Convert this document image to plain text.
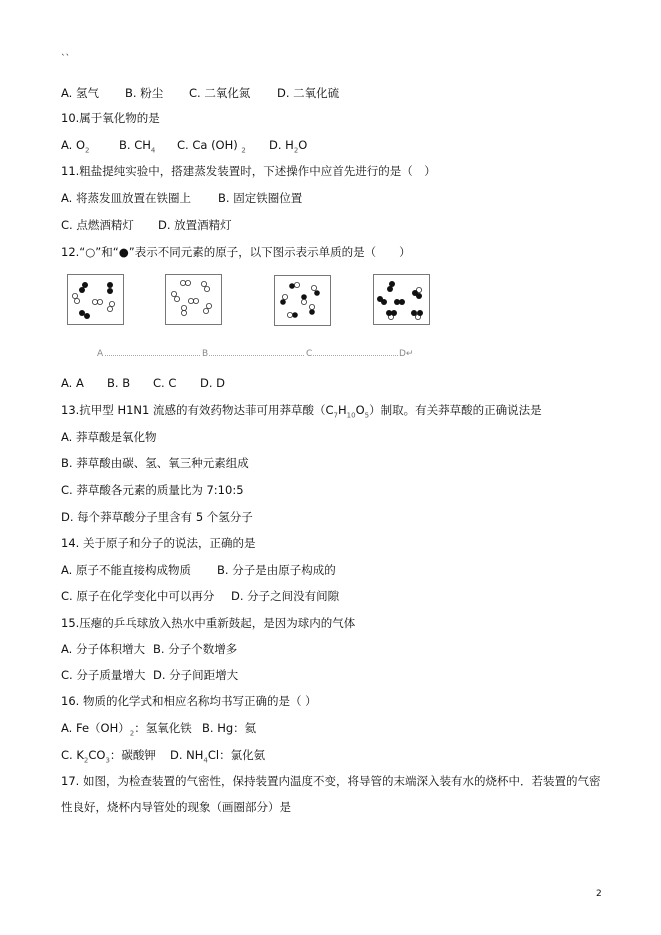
``
A. 氢气 B. 粉尘 C. 二氧化氮 D. 二氧化硫
10.属于氧化物的是
A. $O_2$	B. $CH_4$ C. Ca (OH) $_2$ D. $H_2O$
11.粗盐提纯实验中，搭建蒸发装置时，下述操作中应首先进行的是（　）
A. 将蒸发皿放置在铁圈上 B. 固定铁圈位置
C. 点燃酒精灯 D. 放置酒精灯
12.“○”和“●”表示不同元素的原子，以下图示表示单质的是（　　）
A	B	C	D↵
A. A B. B C. C D. D
13.抗甲型 H1N1 流感的有效药物达菲可用莽草酸$(C_7H_{10}O_5)$制取。有关莽草酸的正确说法是
A. 莽草酸是氧化物
B. 莽草酸由碳、氢、氧三种元素组成
C. 莽草酸各元素的质量比为 7:10:5
D. 每个莽草酸分子里含有 5 个氢分子
14. 关于原子和分子的说法，正确的是
A. 原子不能直接构成物质 B. 分子是由原子构成的
C. 原子在化学变化中可以再分 D. 分子之间没有间隙
15.压瘪的乒乓球放入热水中重新鼓起，是因为球内的气体
A. 分子体积增大 B. 分子个数增多
C. 分子质量增大 D. 分子间距增大
16. 物质的化学式和相应名称均书写正确的是（ ）
A. $Fe(OH)_2$：氢氧化铁 B. Hg：氦
C. $K_2CO_3$：碳酸钾 D. $NH_4Cl$：氯化氨
17. 如图，为检查装置的气密性，保持装置内温度不变，将导管的末端深入装有水的烧杯中．若装置的气密
性良好，烧杯内导管处的现象（画圈部分）是
2
